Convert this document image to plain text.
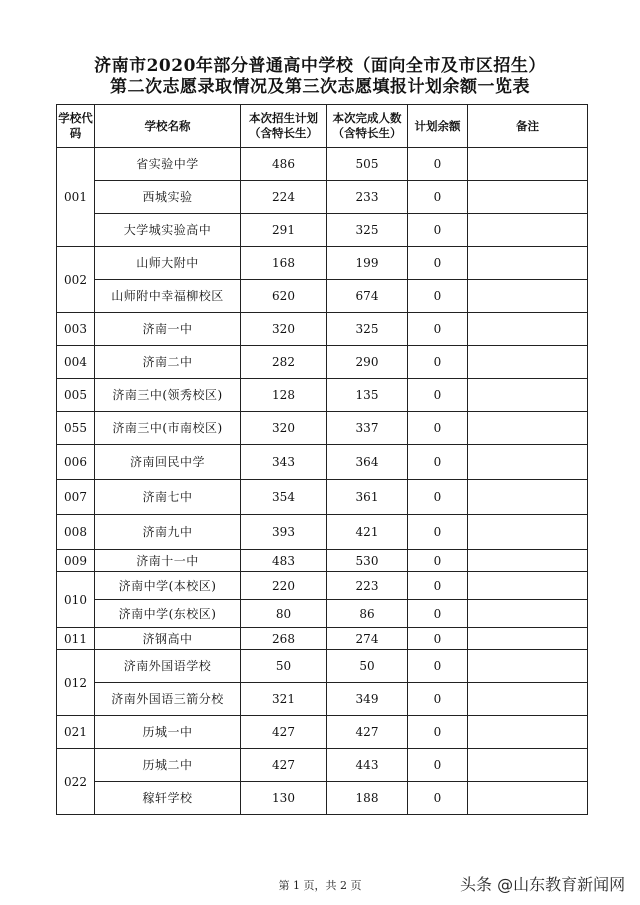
济南市2020年部分普通高中学校（面向全市及市区招生）
第二次志愿录取情况及第三次志愿填报计划余额一览表
学校代码	学校名称	本次招生计划（含特长生）	本次完成人数（含特长生）	计划余额	备注
001	省实验中学	486	505	0	
	西城实验	224	233	0	
	大学城实验高中	291	325	0	
002	山师大附中	168	199	0	
	山师附中幸福柳校区	620	674	0	
003	济南一中	320	325	0	
004	济南二中	282	290	0	
005	济南三中(领秀校区)	128	135	0	
055	济南三中(市南校区)	320	337	0	
006	济南回民中学	343	364	0	
007	济南七中	354	361	0	
008	济南九中	393	421	0	
009	济南十一中	483	530	0	
010	济南中学(本校区)	220	223	0	
	济南中学(东校区)	80	86	0	
011	济钢高中	268	274	0	
012	济南外国语学校	50	50	0	
	济南外国语三箭分校	321	349	0	
021	历城一中	427	427	0	
022	历城二中	427	443	0	
	稼轩学校	130	188	0	
第 1 页，共 2 页	头条 @山东教育新闻网
